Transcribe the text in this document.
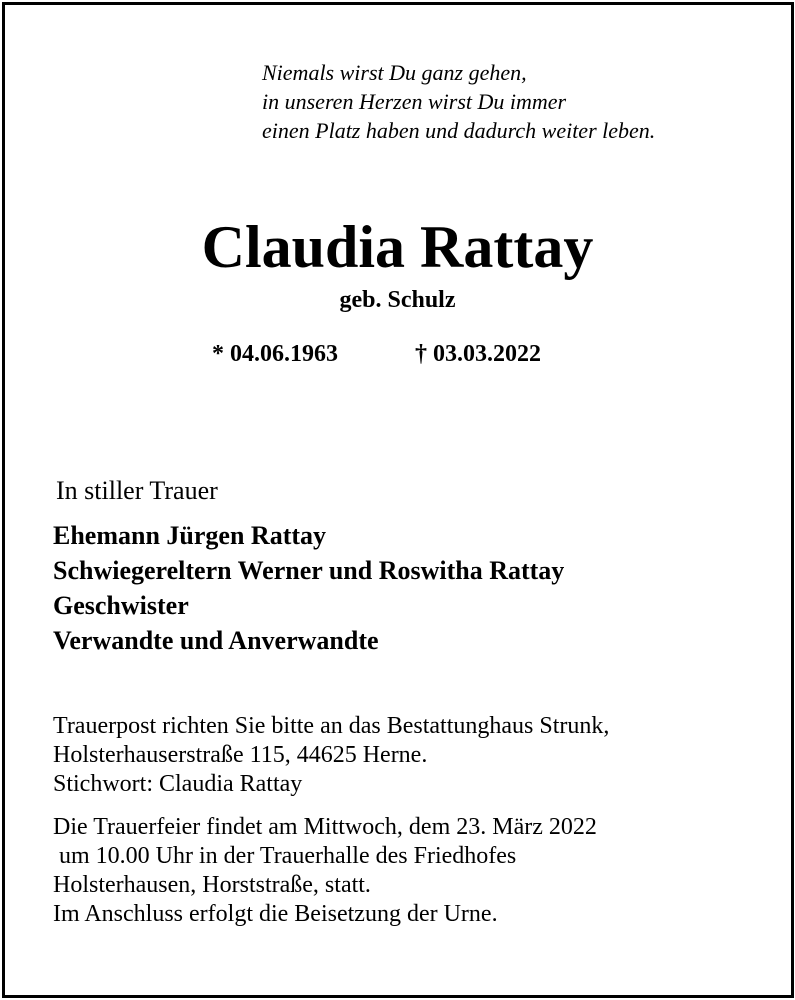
Niemals wirst Du ganz gehen,
in unseren Herzen wirst Du immer
einen Platz haben und dadurch weiter leben.
Claudia Rattay
geb. Schulz
* 04.06.1963	† 03.03.2022
In stiller Trauer
Ehemann Jürgen Rattay
Schwiegereltern Werner und Roswitha Rattay
Geschwister
Verwandte und Anverwandte
Trauerpost richten Sie bitte an das Bestattunghaus Strunk,
Holsterhauserstraße 115, 44625 Herne.
Stichwort: Claudia Rattay
Die Trauerfeier findet am Mittwoch, dem 23. März 2022
um 10.00 Uhr in der Trauerhalle des Friedhofes
Holsterhausen, Horststraße, statt.
Im Anschluss erfolgt die Beisetzung der Urne.
